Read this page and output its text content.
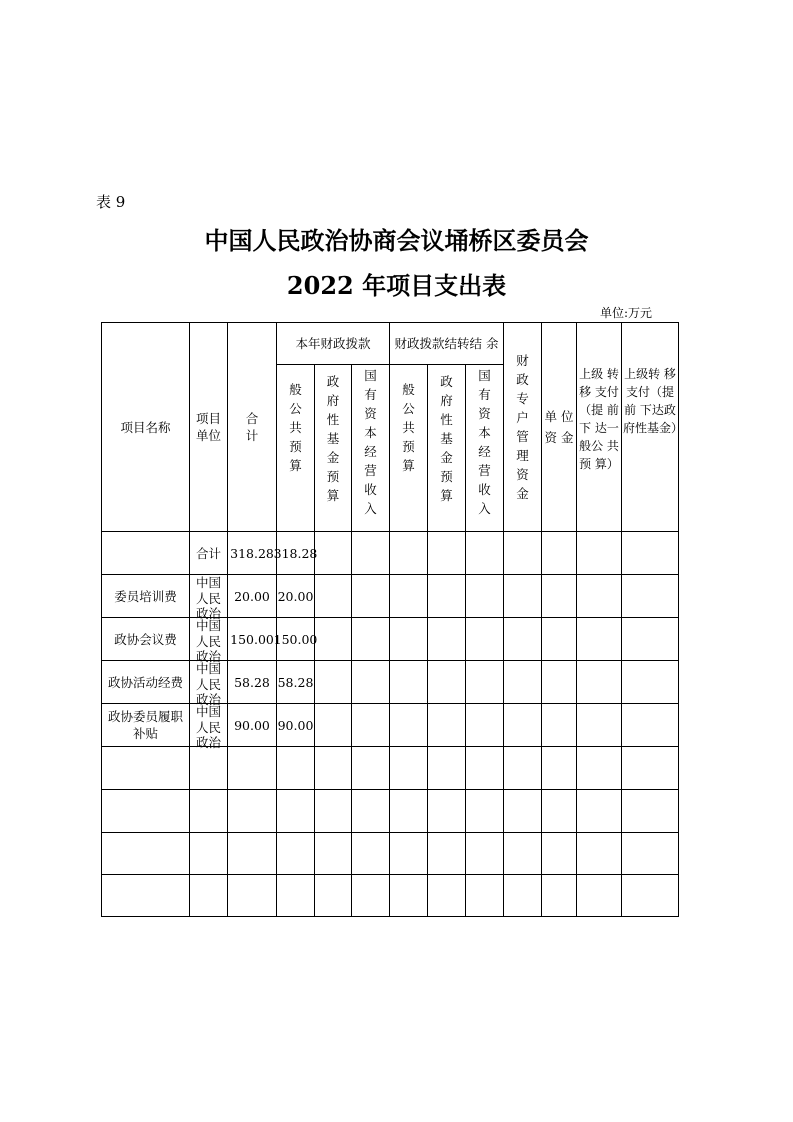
表 9
中国人民政治协商会议埇桥区委员会
2022 年项目支出表
单位:万元
项目名称
项目单位
合计
本年财政拨款	财政拨款结转结 余
般
公
共
预
算
政
府
性
基
金
预
算
国
有
资
本
经
营
收
入
般
公
共
预
算
政
府
性
基
金
预
算
国
有
资
本
经
营
收
入
财
政
专
户
管
理
资
金
单 位资 金
上级 转移 支付（提 前下 达一般公 共预 算）
上级转 移支付（提前 下达政 府性基金）
合计 318.28 318.28
委员培训费
中国人民政治
20.00 20.00
政协会议费
中国人民政治
150.00 150.00
政协活动经费
中国人民政治
58.28 58.28
政协委员履职补贴
中国人民政治
90.00 90.00
